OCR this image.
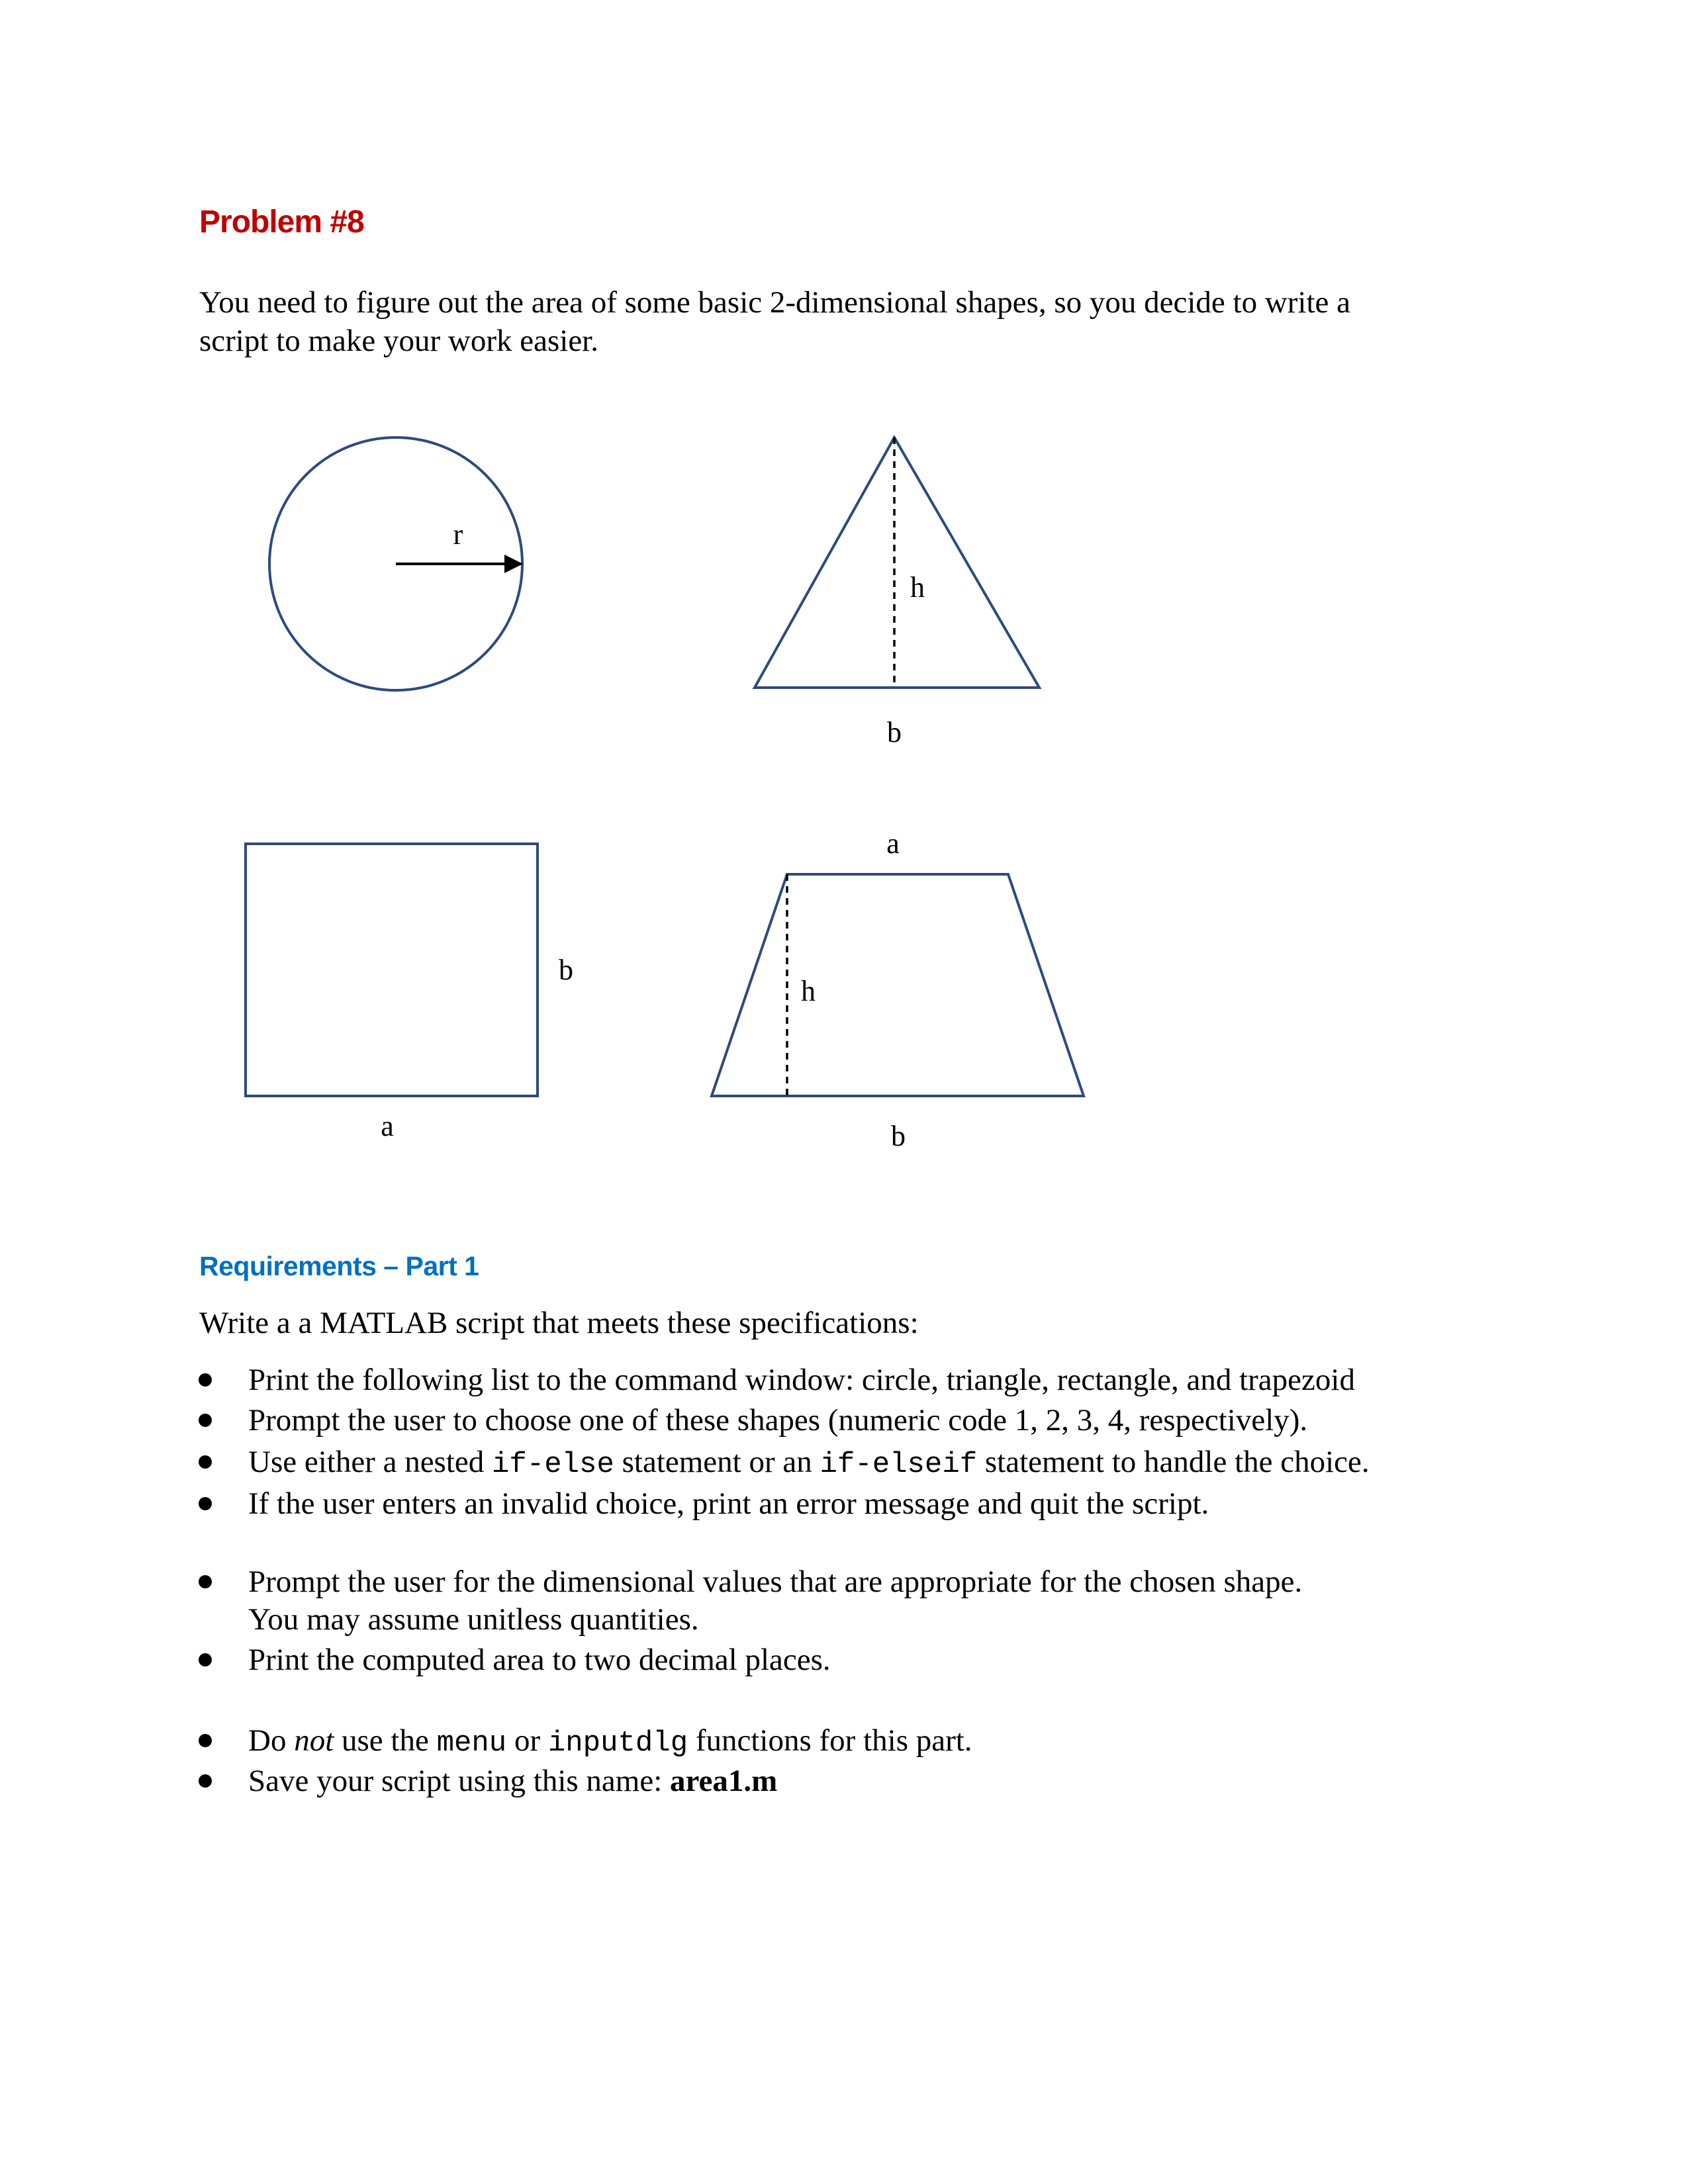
Problem #8
You need to figure out the area of some basic 2-dimensional shapes, so you decide to write a
script to make your work easier.
r
h
b
b
a
a
h
b
Requirements – Part 1
Write a a MATLAB script that meets these specifications:
Print the following list to the command window: circle, triangle, rectangle, and trapezoid
Prompt the user to choose one of these shapes (numeric code 1, 2, 3, 4, respectively).
Use either a nested if-else statement or an if-elseif statement to handle the choice.
If the user enters an invalid choice, print an error message and quit the script.
Prompt the user for the dimensional values that are appropriate for the chosen shape.
You may assume unitless quantities.
Print the computed area to two decimal places.
Do not use the menu or inputdlg functions for this part.
Save your script using this name: area1.m
